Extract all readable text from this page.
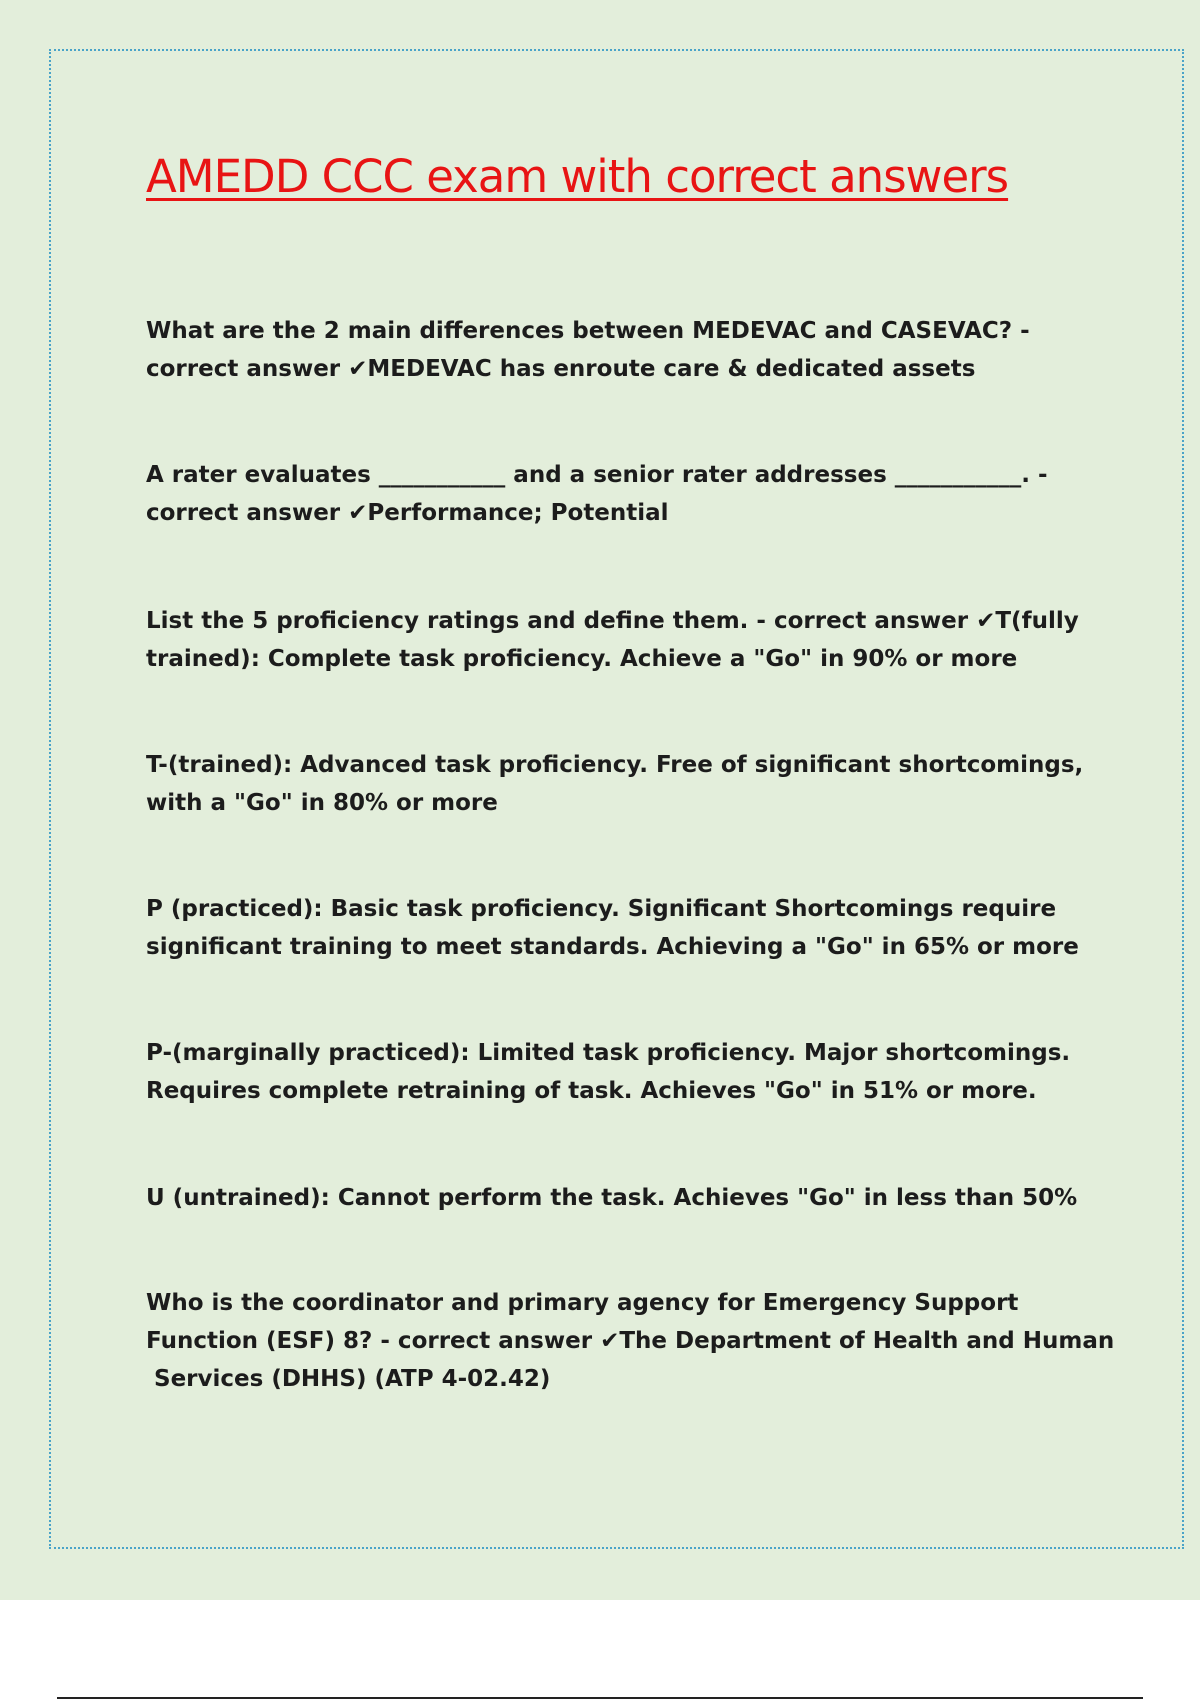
AMEDD CCC exam with correct answers

What are the 2 main differences between MEDEVAC and CASEVAC? -
correct answer ✔MEDEVAC has enroute care & dedicated assets

A rater evaluates ___________ and a senior rater addresses ___________. -
correct answer ✔Performance; Potential

List the 5 proficiency ratings and define them. - correct answer ✔T(fully
trained): Complete task proficiency. Achieve a "Go" in 90% or more

T-(trained): Advanced task proficiency. Free of significant shortcomings,
with a "Go" in 80% or more

P (practiced): Basic task proficiency. Significant Shortcomings require
significant training to meet standards. Achieving a "Go" in 65% or more

P-(marginally practiced): Limited task proficiency. Major shortcomings.
Requires complete retraining of task. Achieves "Go" in 51% or more.

U (untrained): Cannot perform the task. Achieves "Go" in less than 50%

Who is the coordinator and primary agency for Emergency Support
Function (ESF) 8? - correct answer ✔The Department of Health and Human
Services (DHHS) (ATP 4-02.42)
